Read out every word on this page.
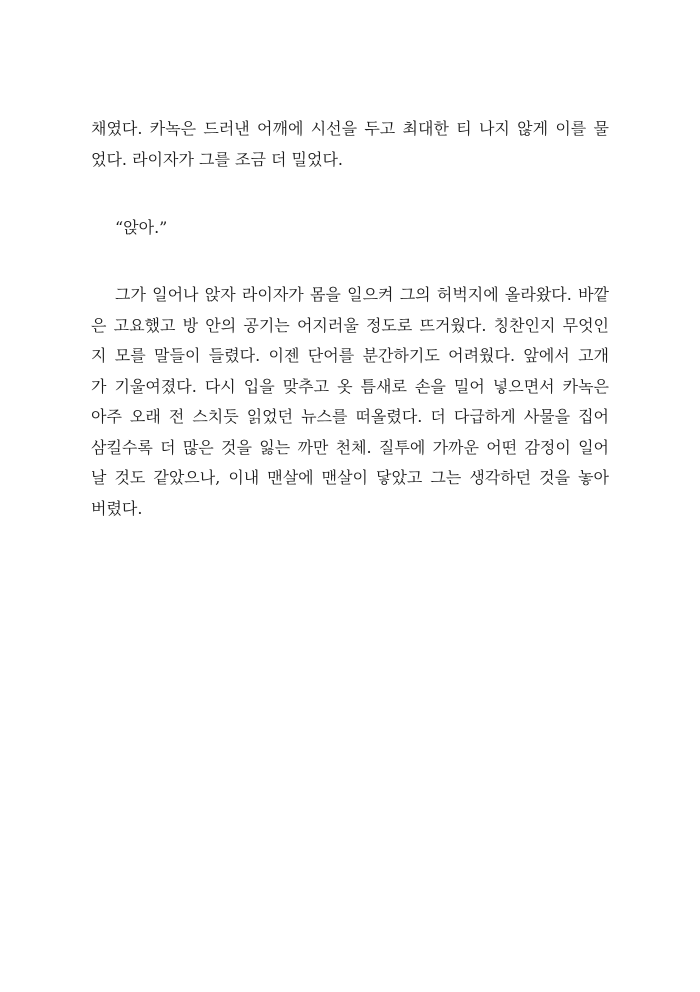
채였다. 카녹은 드러낸 어깨에 시선을 두고 최대한 티 나지 않게 이를 물
었다. 라이자가 그를 조금 더 밀었다.
“앉아.”
그가 일어나 앉자 라이자가 몸을 일으켜 그의 허벅지에 올라왔다. 바깥
은 고요했고 방 안의 공기는 어지러울 정도로 뜨거웠다. 칭찬인지 무엇인
지 모를 말들이 들렸다. 이젠 단어를 분간하기도 어려웠다. 앞에서 고개
가 기울여졌다. 다시 입을 맞추고 옷 틈새로 손을 밀어 넣으면서 카녹은
아주 오래 전 스치듯 읽었던 뉴스를 떠올렸다. 더 다급하게 사물을 집어
삼킬수록 더 많은 것을 잃는 까만 천체. 질투에 가까운 어떤 감정이 일어
날 것도 같았으나, 이내 맨살에 맨살이 닿았고 그는 생각하던 것을 놓아
버렸다.
